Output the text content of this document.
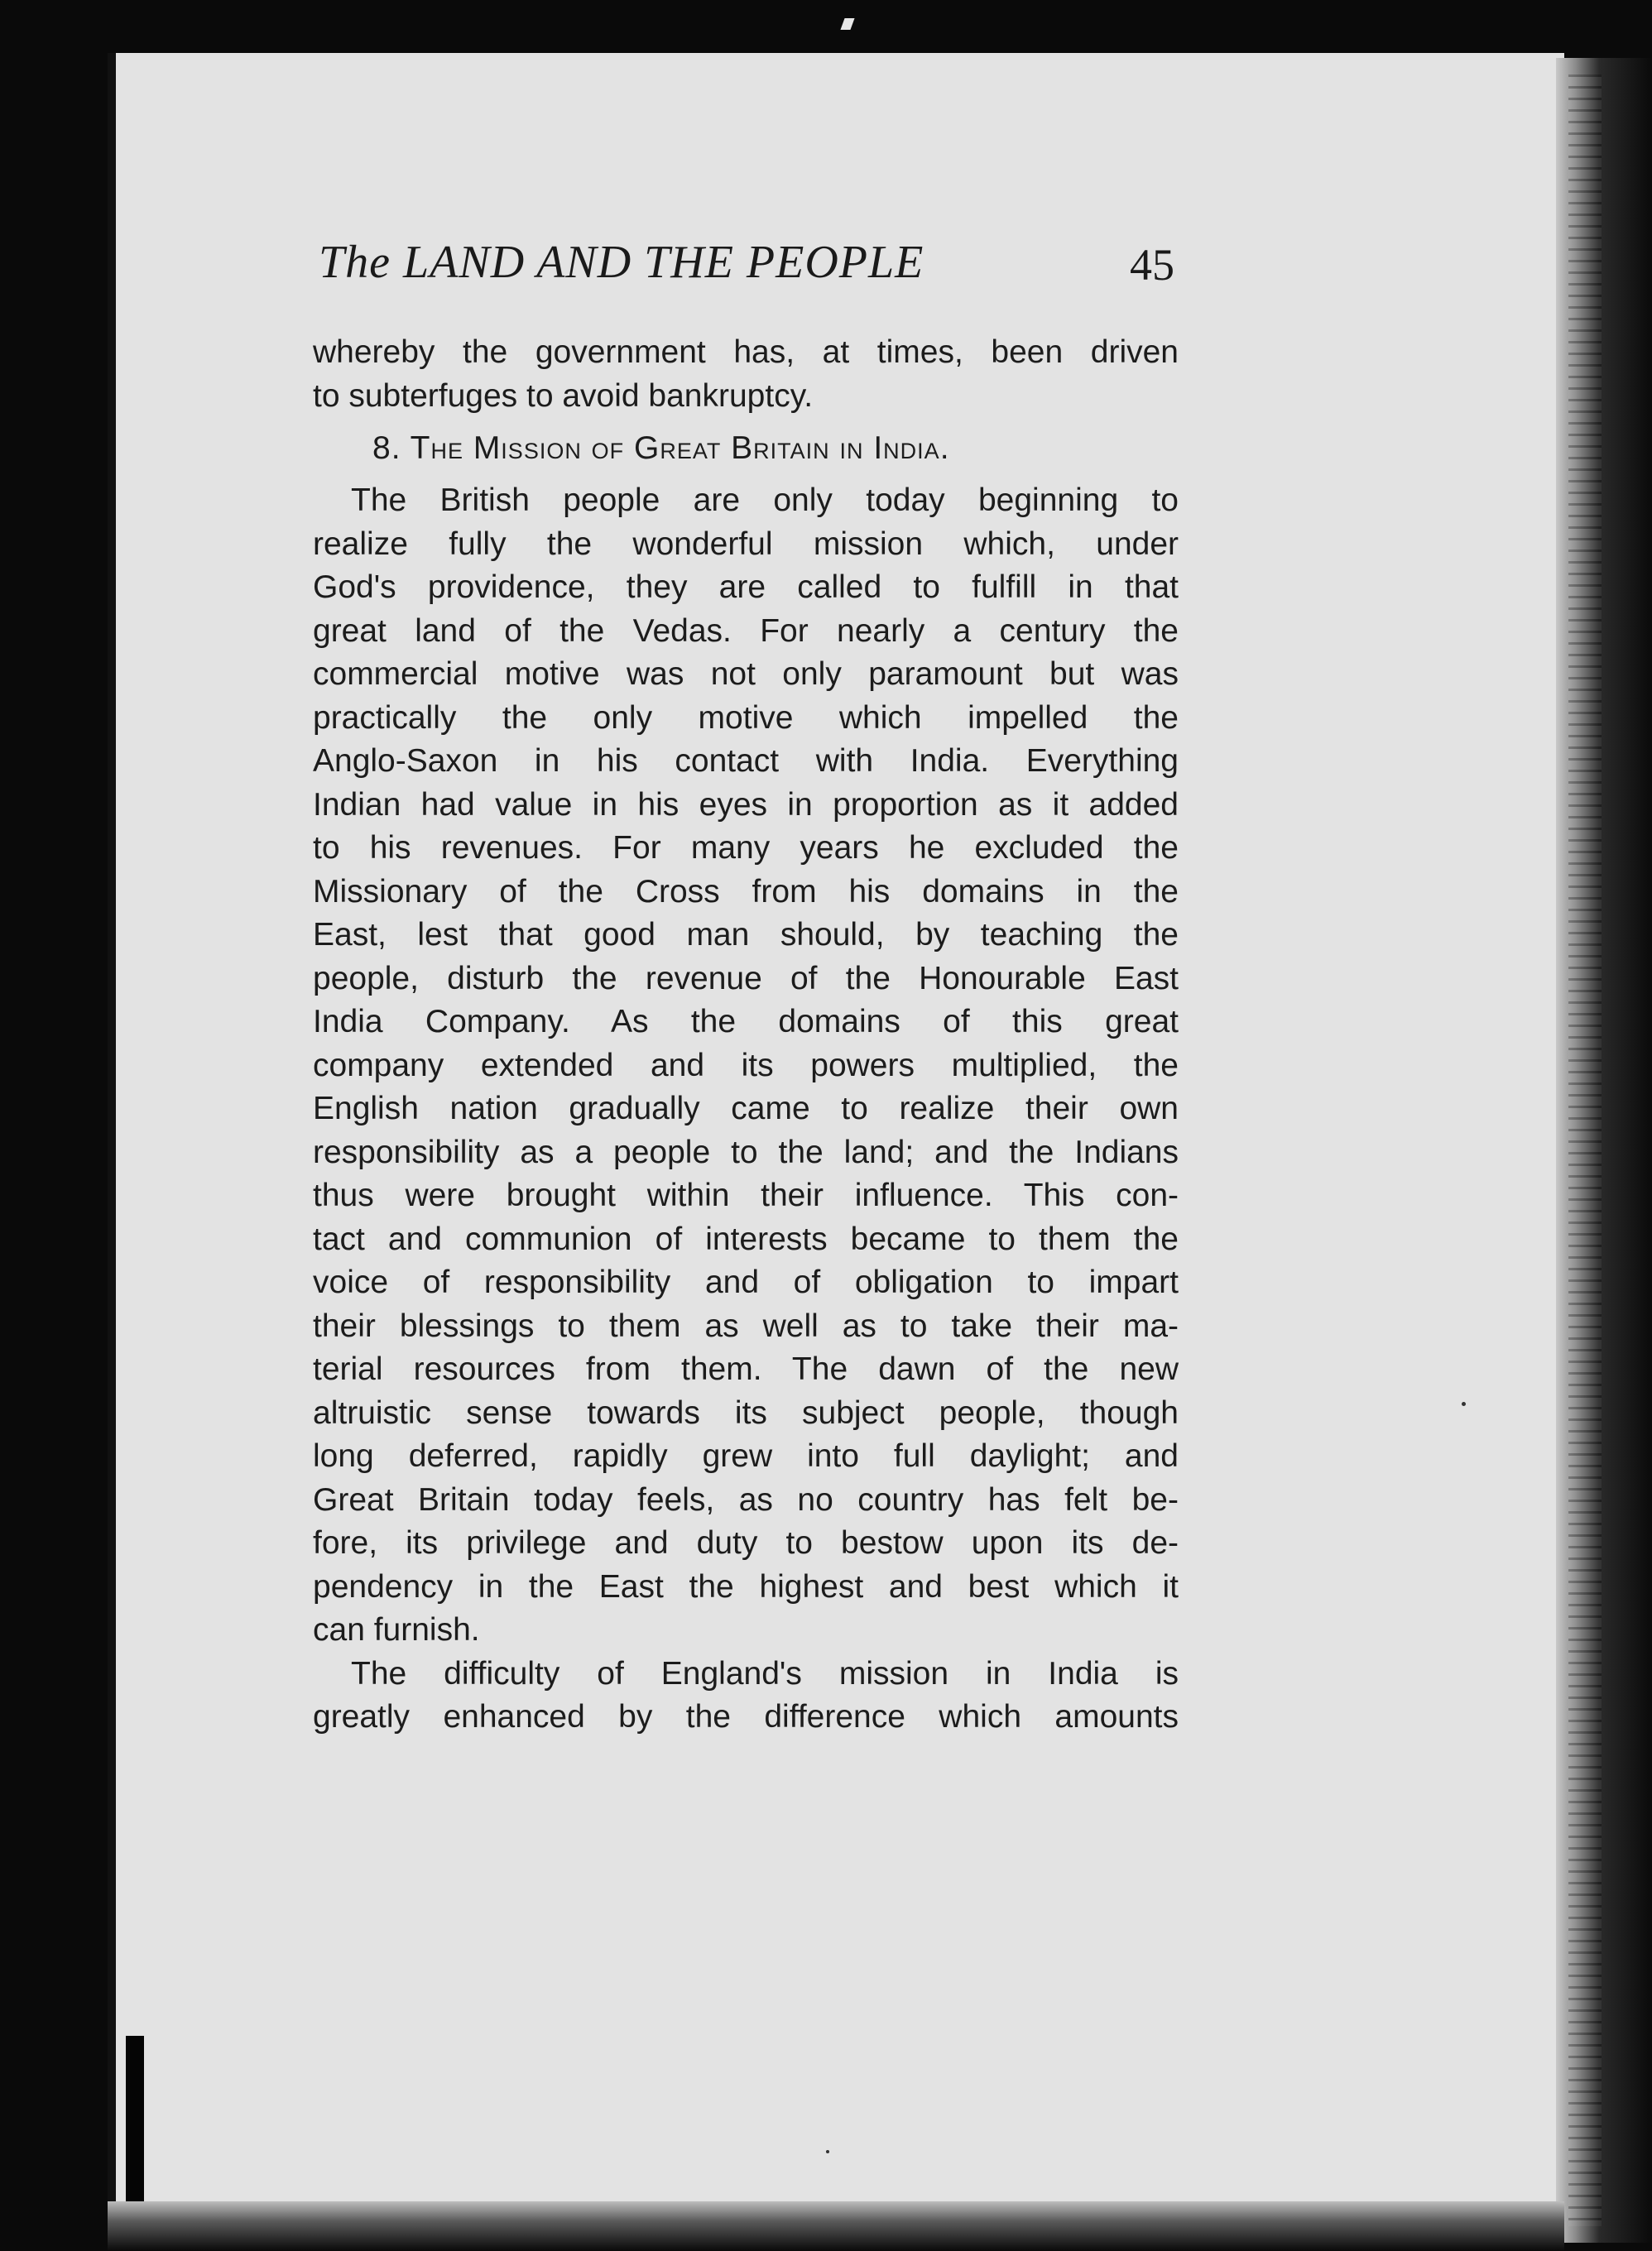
The LAND AND THE PEOPLE	45
whereby the government has, at times, been driven
to subterfuges to avoid bankruptcy.
8. The Mission of Great Britain in India.
The British people are only today beginning to
realize fully the wonderful mission which, under
God's providence, they are called to fulfill in that
great land of the Vedas. For nearly a century the
commercial motive was not only paramount but was
practically the only motive which impelled the
Anglo-Saxon in his contact with India. Everything
Indian had value in his eyes in proportion as it added
to his revenues. For many years he excluded the
Missionary of the Cross from his domains in the
East, lest that good man should, by teaching the
people, disturb the revenue of the Honourable East
India Company. As the domains of this great
company extended and its powers multiplied, the
English nation gradually came to realize their own
responsibility as a people to the land; and the Indians
thus were brought within their influence. This con-
tact and communion of interests became to them the
voice of responsibility and of obligation to impart
their blessings to them as well as to take their ma-
terial resources from them. The dawn of the new
altruistic sense towards its subject people, though
long deferred, rapidly grew into full daylight; and
Great Britain today feels, as no country has felt be-
fore, its privilege and duty to bestow upon its de-
pendency in the East the highest and best which it
can furnish.
The difficulty of England's mission in India is
greatly enhanced by the difference which amounts
